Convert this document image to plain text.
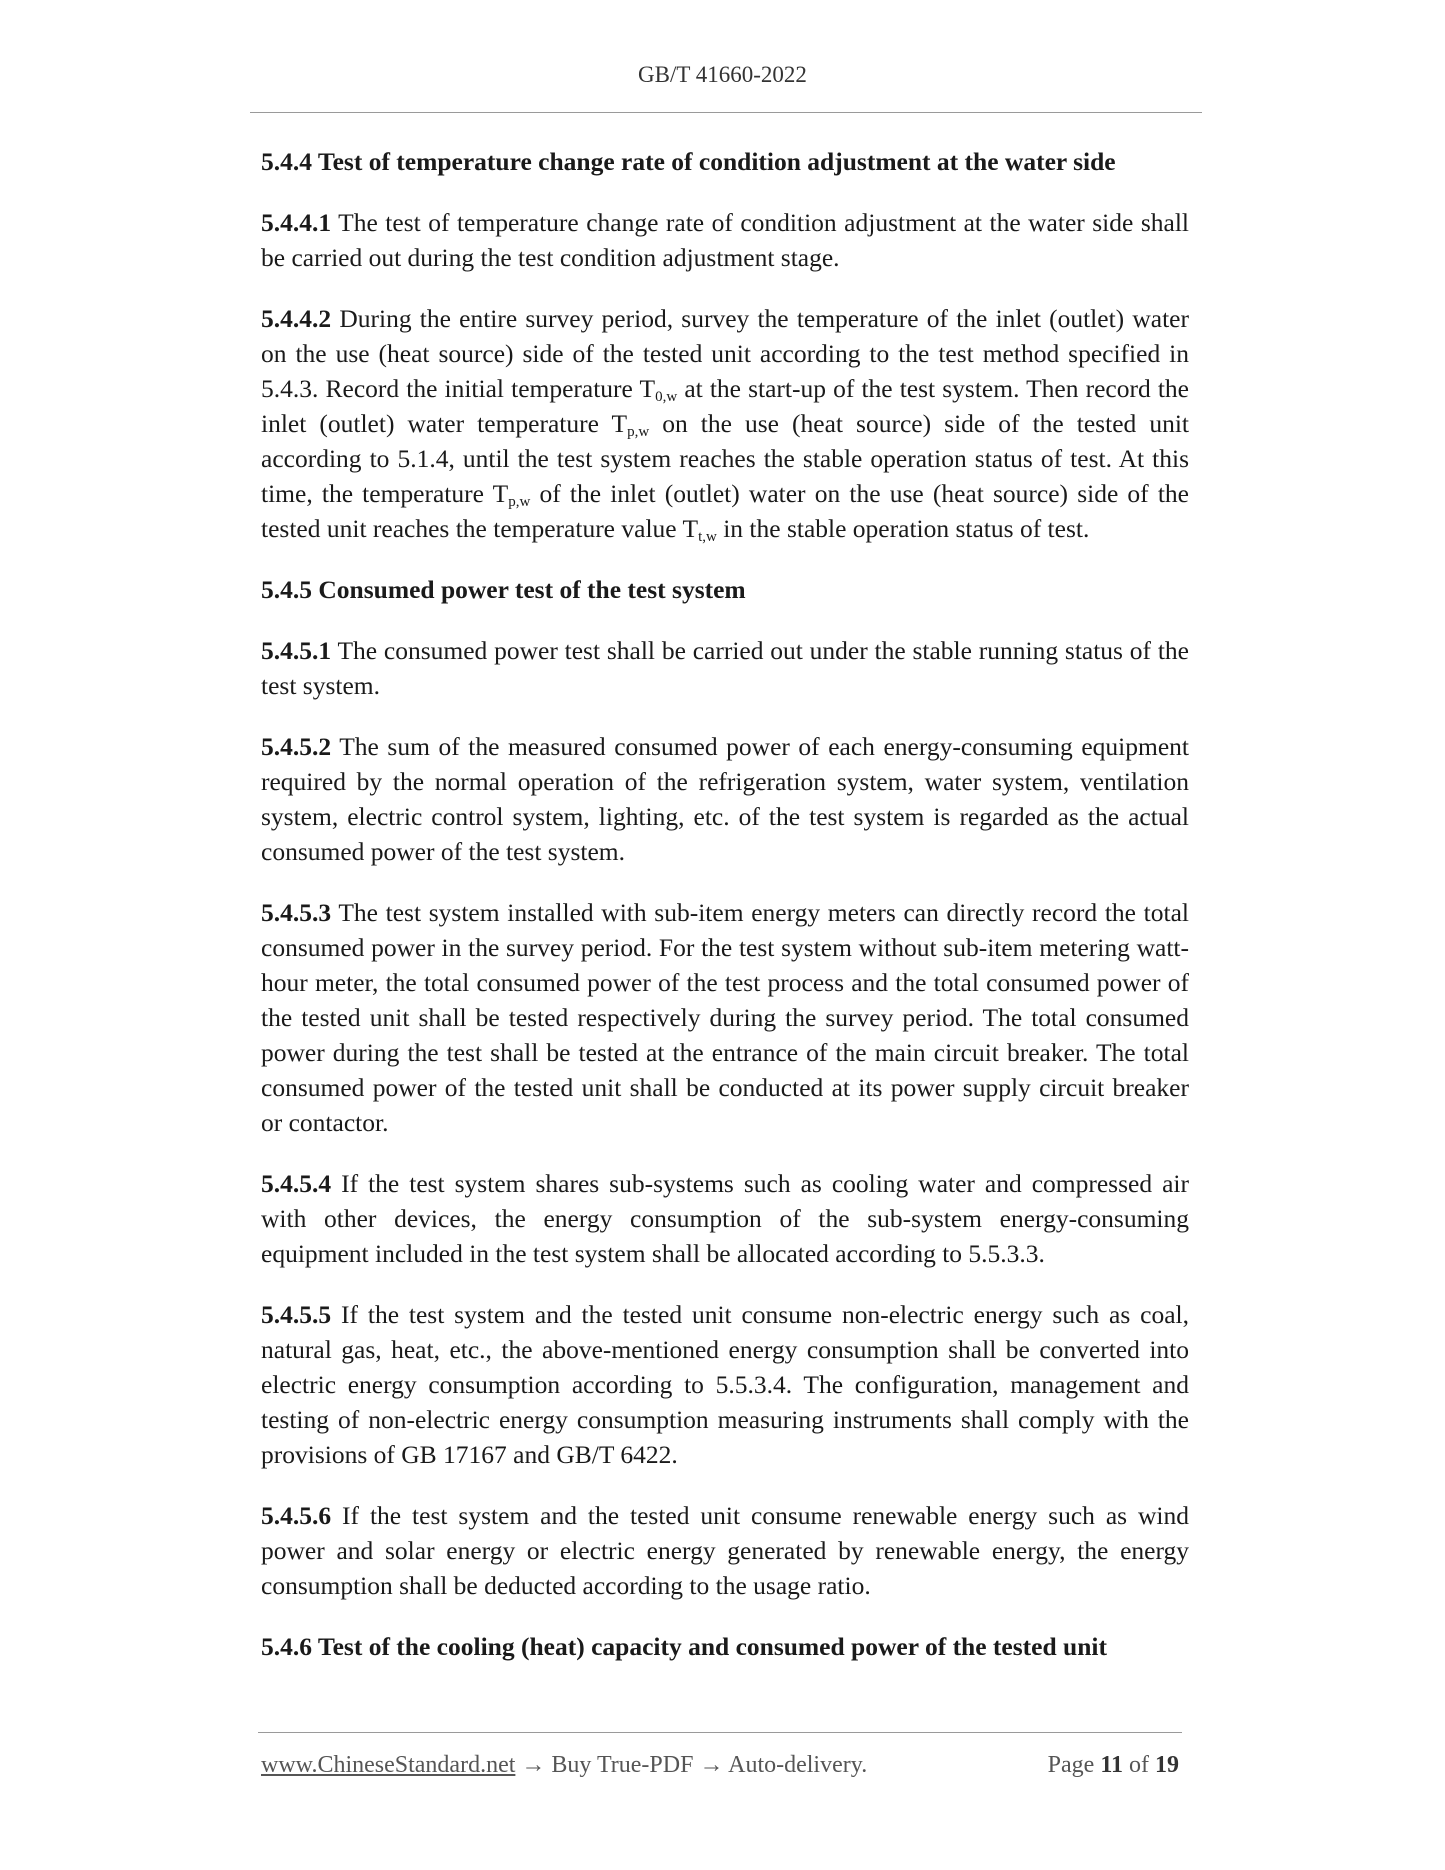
GB/T 41660-2022
5.4.4 Test of temperature change rate of condition adjustment at the water side
5.4.4.1 The test of temperature change rate of condition adjustment at the water side shall be carried out during the test condition adjustment stage.
5.4.4.2 During the entire survey period, survey the temperature of the inlet (outlet) water on the use (heat source) side of the tested unit according to the test method specified in 5.4.3. Record the initial temperature $T_{0,w}$ at the start-up of the test system. Then record the inlet (outlet) water temperature $T_{p,w}$ on the use (heat source) side of the tested unit according to 5.1.4, until the test system reaches the stable operation status of test. At this time, the temperature $T_{p,w}$ of the inlet (outlet) water on the use (heat source) side of the tested unit reaches the temperature value $T_{t,w}$ in the stable operation status of test.
5.4.5 Consumed power test of the test system
5.4.5.1 The consumed power test shall be carried out under the stable running status of the test system.
5.4.5.2 The sum of the measured consumed power of each energy-consuming equipment required by the normal operation of the refrigeration system, water system, ventilation system, electric control system, lighting, etc. of the test system is regarded as the actual consumed power of the test system.
5.4.5.3 The test system installed with sub-item energy meters can directly record the total consumed power in the survey period. For the test system without sub-item metering watt-hour meter, the total consumed power of the test process and the total consumed power of the tested unit shall be tested respectively during the survey period. The total consumed power during the test shall be tested at the entrance of the main circuit breaker. The total consumed power of the tested unit shall be conducted at its power supply circuit breaker or contactor.
5.4.5.4 If the test system shares sub-systems such as cooling water and compressed air with other devices, the energy consumption of the sub-system energy-consuming equipment included in the test system shall be allocated according to 5.5.3.3.
5.4.5.5 If the test system and the tested unit consume non-electric energy such as coal, natural gas, heat, etc., the above-mentioned energy consumption shall be converted into electric energy consumption according to 5.5.3.4. The configuration, management and testing of non-electric energy consumption measuring instruments shall comply with the provisions of GB 17167 and GB/T 6422.
5.4.5.6 If the test system and the tested unit consume renewable energy such as wind power and solar energy or electric energy generated by renewable energy, the energy consumption shall be deducted according to the usage ratio.
5.4.6 Test of the cooling (heat) capacity and consumed power of the tested unit
www.ChineseStandard.net → Buy True-PDF → Auto-delivery.	Page 11 of 19
